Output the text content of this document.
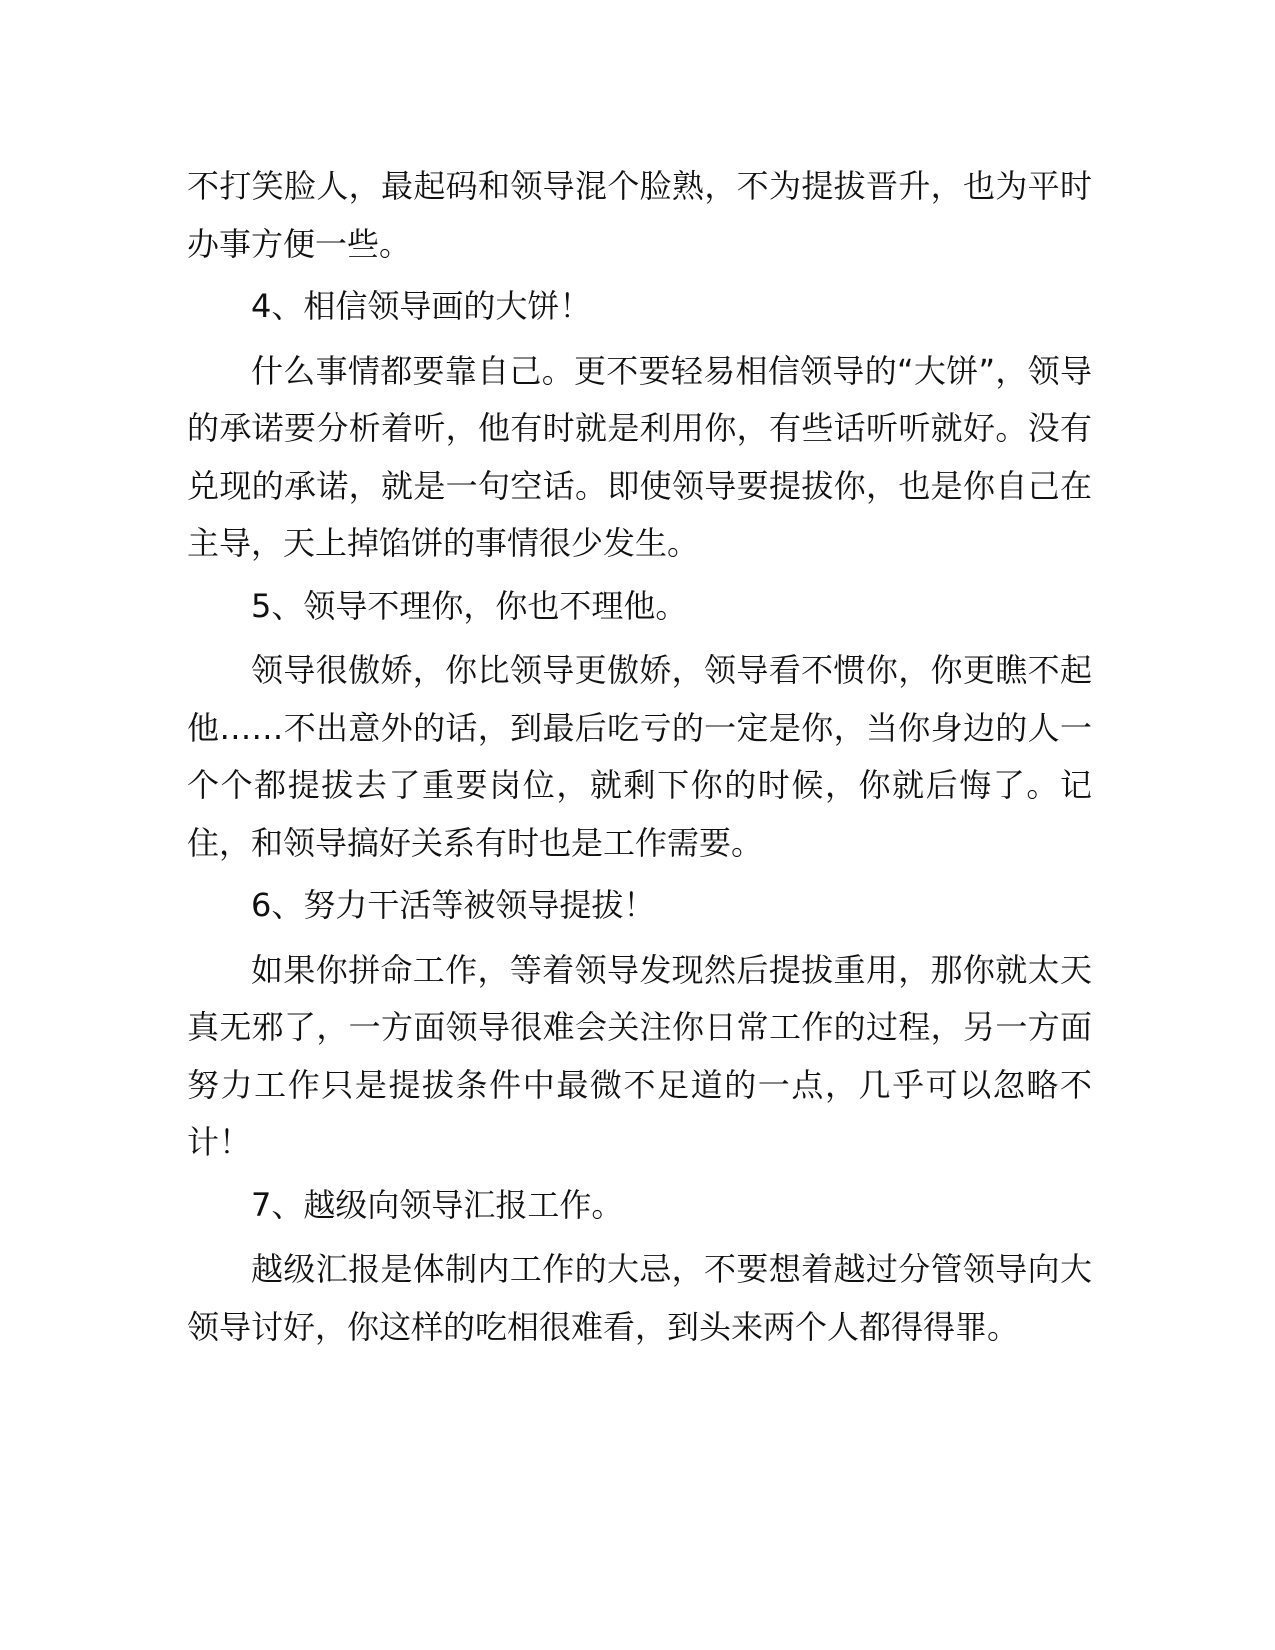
不打笑脸人，最起码和领导混个脸熟，不为提拔晋升，也为平时办事方便一些。

4、相信领导画的大饼！

什么事情都要靠自己。更不要轻易相信领导的“大饼”，领导的承诺要分析着听，他有时就是利用你，有些话听听就好。没有兑现的承诺，就是一句空话。即使领导要提拔你，也是你自己在主导，天上掉馅饼的事情很少发生。

5、领导不理你，你也不理他。

领导很傲娇，你比领导更傲娇，领导看不惯你，你更瞧不起他……不出意外的话，到最后吃亏的一定是你，当你身边的人一个个都提拔去了重要岗位，就剩下你的时候，你就后悔了。记住，和领导搞好关系有时也是工作需要。

6、努力干活等被领导提拔！

如果你拼命工作，等着领导发现然后提拔重用，那你就太天真无邪了，一方面领导很难会关注你日常工作的过程，另一方面努力工作只是提拔条件中最微不足道的一点，几乎可以忽略不计！

7、越级向领导汇报工作。

越级汇报是体制内工作的大忌，不要想着越过分管领导向大领导讨好，你这样的吃相很难看，到头来两个人都得得罪。
